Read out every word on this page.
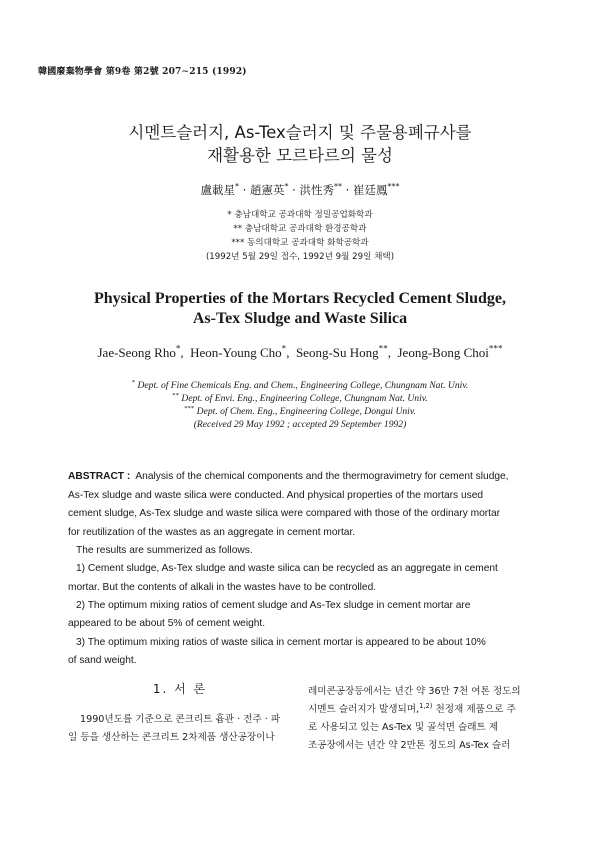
韓國廢棄物學會 第9卷 第2號 207∼215 (1992)
시멘트슬러지, As-Tex슬러지 및 주물용폐규사를
재활용한 모르타르의 물성
盧載星* · 趙憲英* · 洪性秀** · 崔廷鳳***
* 충남대학교 공과대학 정밀공업화학과
** 충남대학교 공과대학 환경공학과
*** 동의대학교 공과대학 화학공학과
(1992년 5월 29일 접수, 1992년 9월 29일 채택)
Physical Properties of the Mortars Recycled Cement Sludge,
As-Tex Sludge and Waste Silica
Jae-Seong Rho*,  Heon-Young Cho*,  Seong-Su Hong**,  Jeong-Bong Choi***
* Dept. of Fine Chemicals Eng. and Chem., Engineering College, Chungnam Nat. Univ.
** Dept. of Envi. Eng., Engineering College, Chungnam Nat. Univ.
*** Dept. of Chem. Eng., Engineering College, Dongui Univ.
(Received 29 May 1992 ; accepted 29 September 1992)
ABSTRACT : Analysis of the chemical components and the thermogravimetry for cement sludge,
As-Tex sludge and waste silica were conducted. And physical properties of the mortars used
cement sludge, As-Tex sludge and waste silica were compared with those of the ordinary mortar
for reutilization of the wastes as an aggregate in cement mortar.
The results are summerized as follows.
1) Cement sludge, As-Tex sludge and waste silica can be recycled as an aggregate in cement
mortar. But the contents of alkali in the wastes have to be controlled.
2) The optimum mixing ratios of cement sludge and As-Tex sludge in cement mortar are
appeared to be about 5% of cement weight.
3) The optimum mixing ratios of waste silica in cement mortar is appeared to be about 10%
of sand weight.
1. 서 론
1990년도를 기준으로 콘크리트 흄관 · 전주 · 파
일 등을 생산하는 콘크리트 2차제품 생산공장이나
레미콘공장등에서는 년간 약 36만 7천 여톤 정도의
시멘트 슬러지가 발생되며,$^{1,2)}$ 천정재 제품으로 주
로 사용되고 있는 As-Tex 및 골석면 슬래트 제
조공장에서는 년간 약 2만톤 정도의 As-Tex 슬러
